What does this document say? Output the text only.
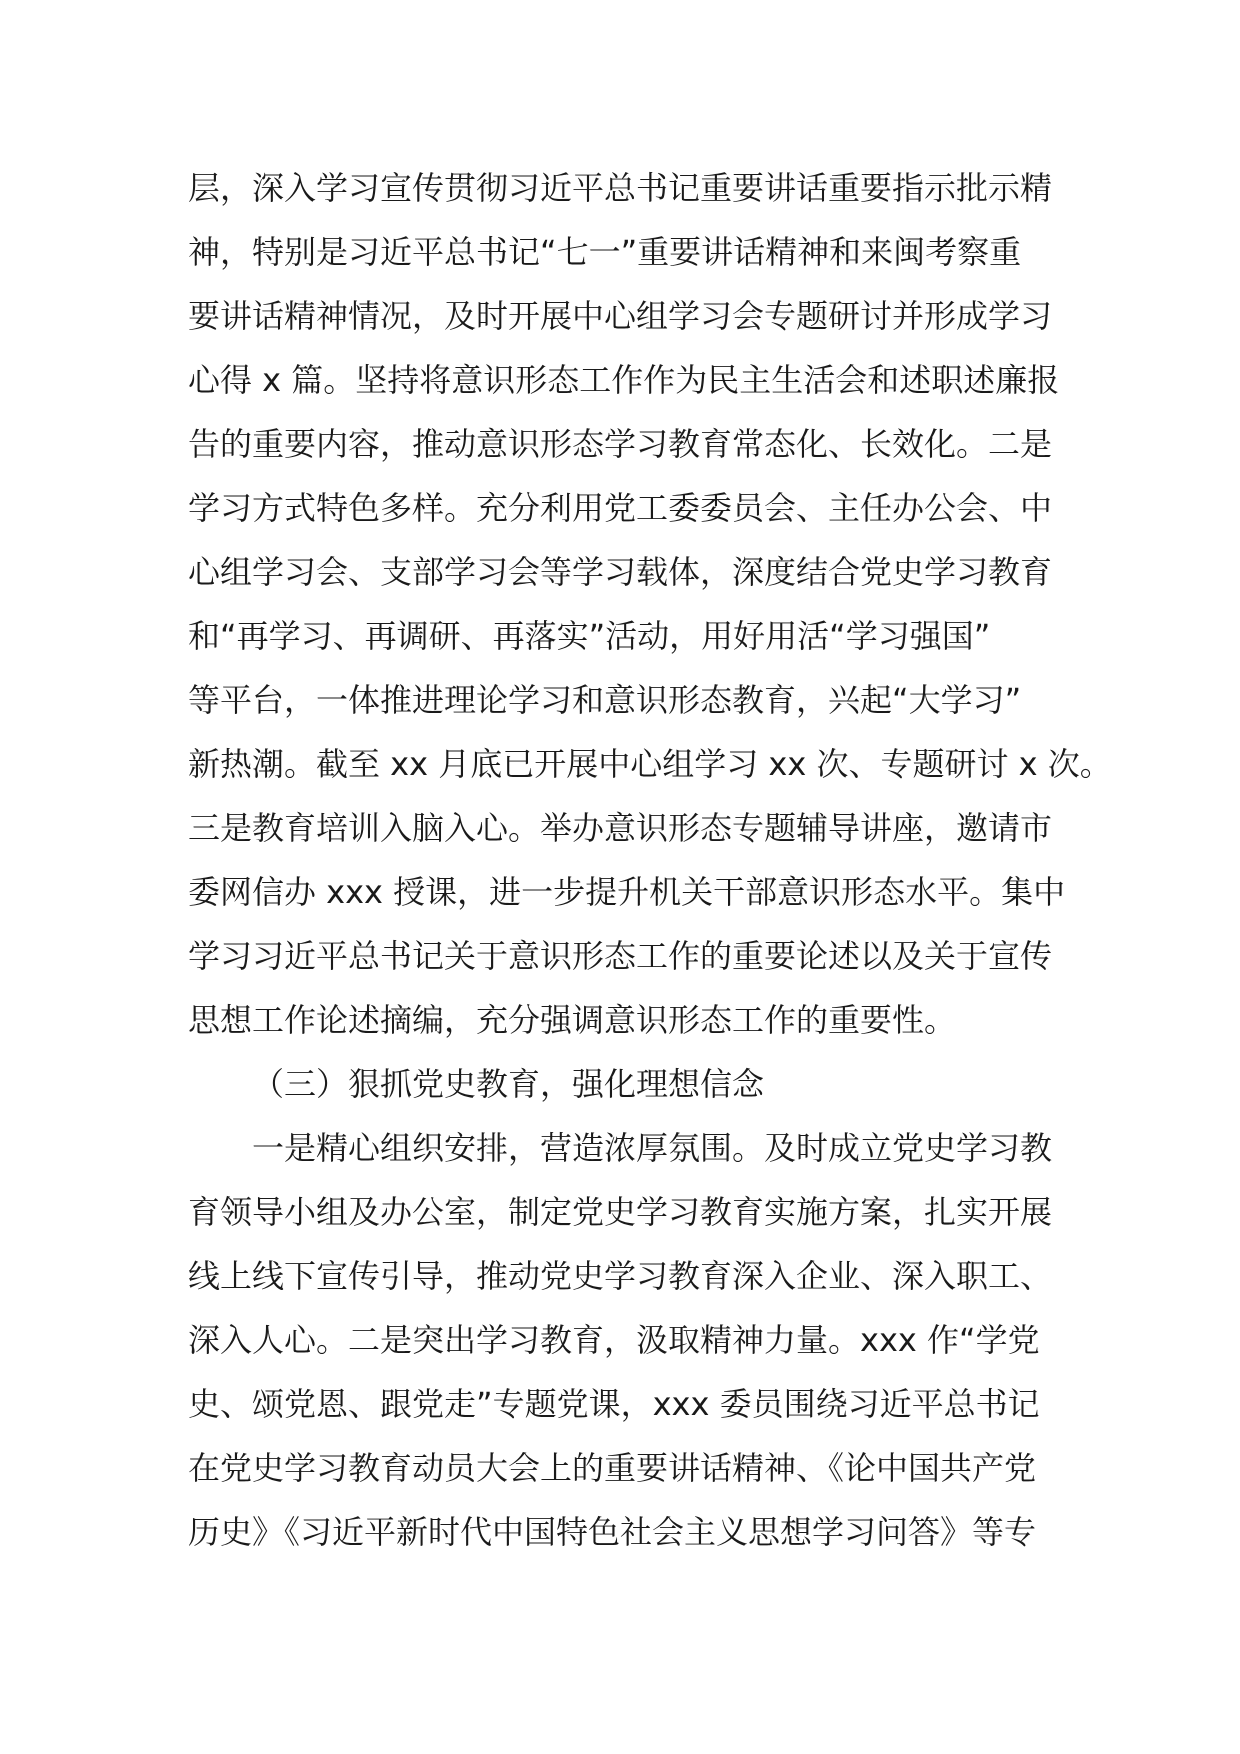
层，深入学习宣传贯彻习近平总书记重要讲话重要指示批示精
神，特别是习近平总书记“七一”重要讲话精神和来闽考察重
要讲话精神情况，及时开展中心组学习会专题研讨并形成学习
心得 x 篇。坚持将意识形态工作作为民主生活会和述职述廉报
告的重要内容，推动意识形态学习教育常态化、长效化。二是
学习方式特色多样。充分利用党工委委员会、主任办公会、中
心组学习会、支部学习会等学习载体，深度结合党史学习教育
和“再学习、再调研、再落实”活动，用好用活“学习强国”
等平台，一体推进理论学习和意识形态教育，兴起“大学习”
新热潮。截至 xx 月底已开展中心组学习 xx 次、专题研讨 x 次。
三是教育培训入脑入心。举办意识形态专题辅导讲座，邀请市
委网信办 xxx 授课，进一步提升机关干部意识形态水平。集中
学习习近平总书记关于意识形态工作的重要论述以及关于宣传
思想工作论述摘编，充分强调意识形态工作的重要性。
（三）狠抓党史教育，强化理想信念
一是精心组织安排，营造浓厚氛围。及时成立党史学习教
育领导小组及办公室，制定党史学习教育实施方案，扎实开展
线上线下宣传引导，推动党史学习教育深入企业、深入职工、
深入人心。二是突出学习教育，汲取精神力量。xxx 作“学党
史、颂党恩、跟党走”专题党课，xxx 委员围绕习近平总书记
在党史学习教育动员大会上的重要讲话精神、《论中国共产党
历史》《习近平新时代中国特色社会主义思想学习问答》等专
